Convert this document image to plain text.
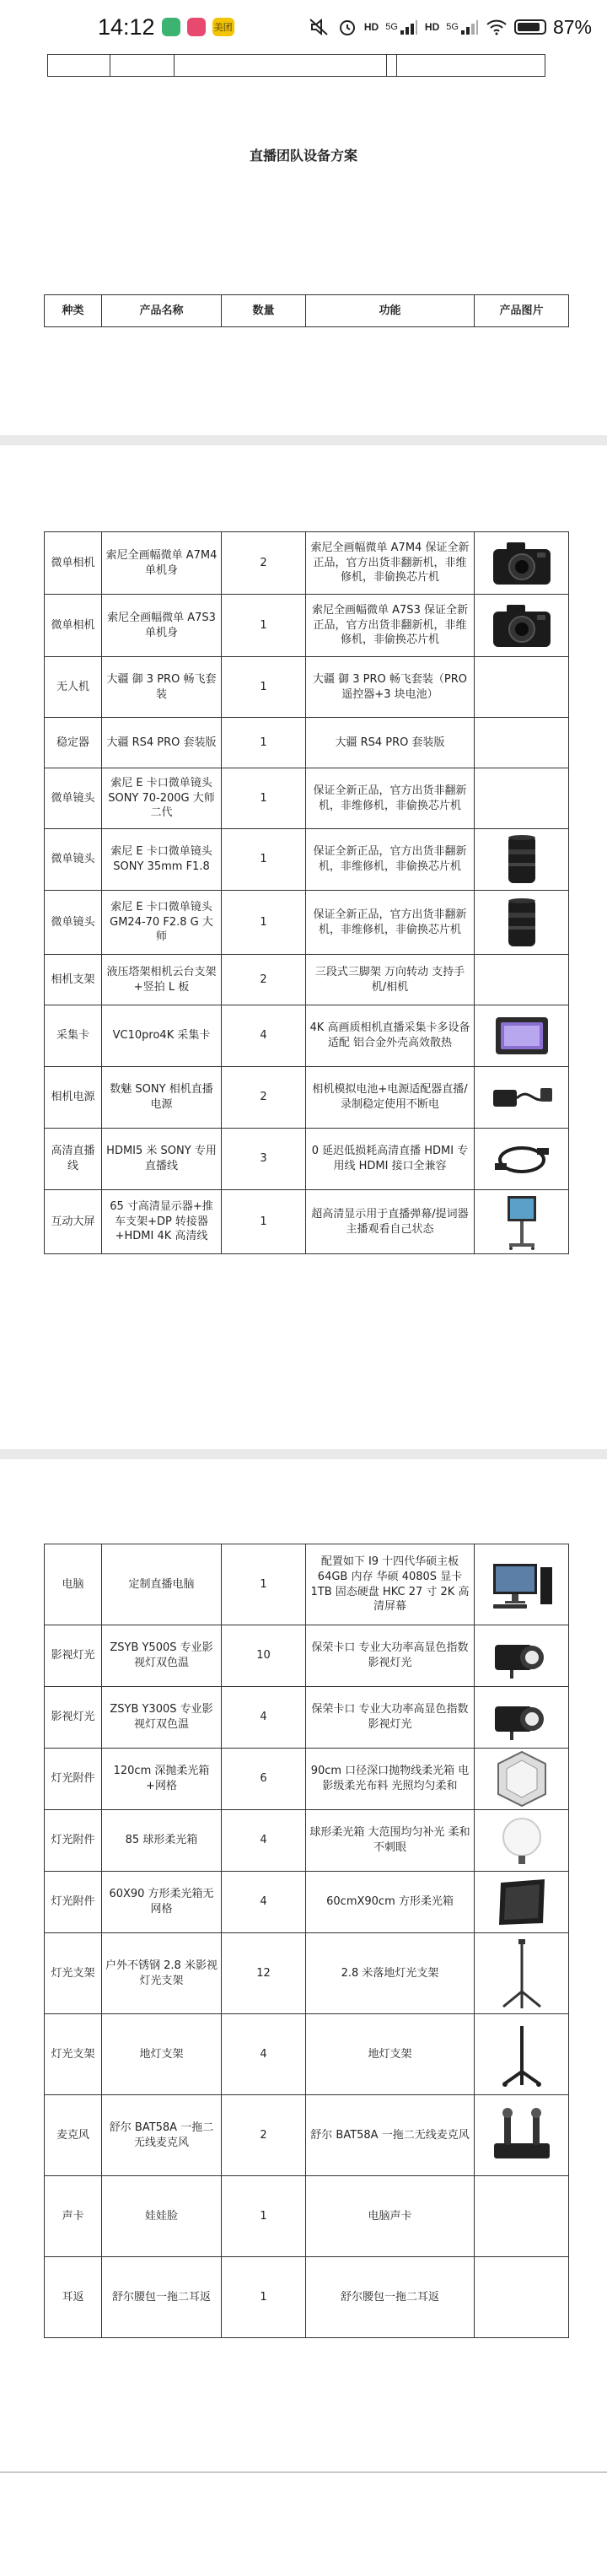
14:12	美团	HD 5G	HD 5G	87%

直播团队设备方案
种类	产品名称	数量	功能	产品图片
微单相机	索尼全画幅微单 A7M4 单机身	2	索尼全画幅微单 A7M4 保证全新正品，官方出货非翻新机，非维修机，非偷换芯片机	

微单相机	索尼全画幅微单 A7S3 单机身	1	索尼全画幅微单 A7S3 保证全新正品，官方出货非翻新机，非维修机，非偷换芯片机	

无人机	大疆 御 3 PRO 畅飞套装	1	大疆 御 3 PRO 畅飞套装（PRO 遥控器+3 块电池）	
稳定器	大疆 RS4 PRO 套装版	1	大疆 RS4 PRO 套装版	
微单镜头	索尼 E 卡口微单镜头 SONY 70-200G 大师 二代	1	保证全新正品，官方出货非翻新机，非维修机，非偷换芯片机	
微单镜头	索尼 E 卡口微单镜头 SONY 35mm F1.8	1	保证全新正品，官方出货非翻新机，非维修机，非偷换芯片机	

微单镜头	索尼 E 卡口微单镜头 GM24-70 F2.8 G 大师	1	保证全新正品，官方出货非翻新机，非维修机，非偷换芯片机	

相机支架	液压塔架相机云台支架+竖拍 L 板	2	三段式三脚架 万向转动 支持手机/相机	
采集卡	VC10pro4K 采集卡	4	4K 高画质相机直播采集卡多设备适配 铝合金外壳高效散热	

相机电源	数魅 SONY 相机直播电源	2	相机模拟电池+电源适配器直播/录制稳定使用不断电	

高清直播线	HDMI5 米 SONY 专用直播线	3	0 延迟低损耗高清直播 HDMI 专用线 HDMI 接口全兼容	

互动大屏	65 寸高清显示器+推车支架+DP 转接器+HDMI 4K 高清线	1	超高清显示用于直播弹幕/提词器主播观看自己状态	
电脑	定制直播电脑	1	配置如下 I9 十四代华硕主板 64GB 内存 华硕 4080S 显卡 1TB 固态硬盘 HKC 27 寸 2K 高清屏幕	

影视灯光	ZSYB Y500S 专业影视灯双色温	10	保荣卡口 专业大功率高显色指数影视灯光	

影视灯光	ZSYB Y300S 专业影视灯双色温	4	保荣卡口 专业大功率高显色指数影视灯光	

灯光附件	120cm 深抛柔光箱+网格	6	90cm 口径深口抛物线柔光箱 电影级柔光布料 光照均匀柔和	

灯光附件	85 球形柔光箱	4	球形柔光箱 大范围均匀补光 柔和不刺眼	

灯光附件	60X90 方形柔光箱无网格	4	60cmX90cm 方形柔光箱	

灯光支架	户外不锈钢 2.8 米影视灯光支架	12	2.8 米落地灯光支架	

灯光支架	地灯支架	4	地灯支架	

麦克风	舒尔 BAT58A 一拖二无线麦克风	2	舒尔 BAT58A 一拖二无线麦克风	

声卡	娃娃脸	1	电脑声卡	
耳返	舒尔腰包一拖二耳返	1	舒尔腰包一拖二耳返	
